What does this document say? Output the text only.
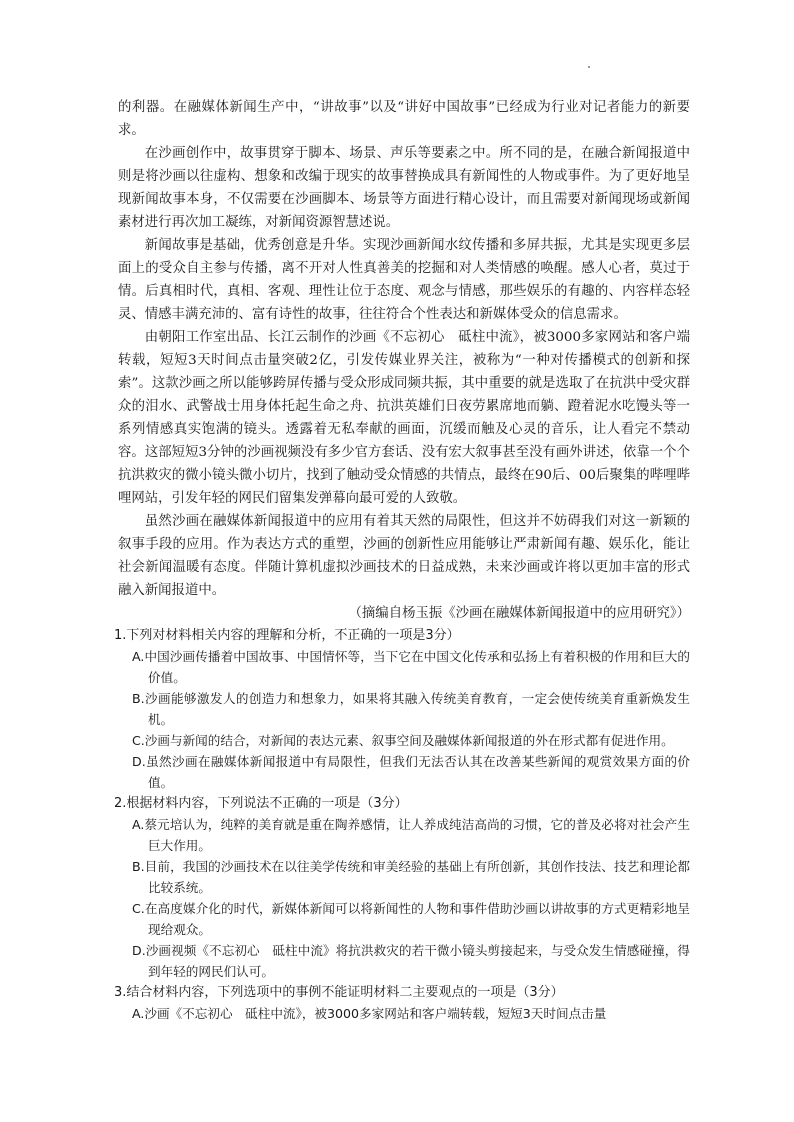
的利器。在融媒体新闻生产中，“讲故事”以及“讲好中国故事”已经成为行业对记者能力的新要求。

在沙画创作中，故事贯穿于脚本、场景、声乐等要素之中。所不同的是，在融合新闻报道中则是将沙画以往虚构、想象和改编于现实的故事替换成具有新闻性的人物或事件。为了更好地呈现新闻故事本身，不仅需要在沙画脚本、场景等方面进行精心设计，而且需要对新闻现场或新闻素材进行再次加工凝练，对新闻资源智慧述说。

新闻故事是基础，优秀创意是升华。实现沙画新闻水纹传播和多屏共振，尤其是实现更多层面上的受众自主参与传播，离不开对人性真善美的挖掘和对人类情感的唤醒。感人心者，莫过于情。后真相时代，真相、客观、理性让位于态度、观念与情感，那些娱乐的有趣的、内容样态轻灵、情感丰满充沛的、富有诗性的故事，往往符合个性表达和新媒体受众的信息需求。

由朝阳工作室出品、长江云制作的沙画《不忘初心　砥柱中流》，被3000多家网站和客户端转载，短短3天时间点击量突破2亿，引发传媒业界关注，被称为“一种对传播模式的创新和探索”。这款沙画之所以能够跨屏传播与受众形成同频共振，其中重要的就是选取了在抗洪中受灾群众的泪水、武警战士用身体托起生命之舟、抗洪英雄们日夜劳累席地而躺、蹬着泥水吃馒头等一系列情感真实饱满的镜头。透露着无私奉献的画面，沉缓而触及心灵的音乐，让人看完不禁动容。这部短短3分钟的沙画视频没有多少官方套话、没有宏大叙事甚至没有画外讲述，依靠一个个抗洪救灾的微小镜头微小切片，找到了触动受众情感的共情点，最终在90后、00后聚集的哔哩哔哩网站，引发年轻的网民们留集发弹幕向最可爱的人致敬。

虽然沙画在融媒体新闻报道中的应用有着其天然的局限性，但这并不妨碍我们对这一新颖的叙事手段的应用。作为表达方式的重塑，沙画的创新性应用能够让严肃新闻有趣、娱乐化，能让社会新闻温暖有态度。伴随计算机虚拟沙画技术的日益成熟，未来沙画或许将以更加丰富的形式融入新闻报道中。

（摘编自杨玉振《沙画在融媒体新闻报道中的应用研究》）

1.下列对材料相关内容的理解和分析，不正确的一项是3分）

A.中国沙画传播着中国故事、中国情怀等，当下它在中国文化传承和弘扬上有着积极的作用和巨大的价值。

B.沙画能够激发人的创造力和想象力，如果将其融入传统美育教育，一定会使传统美育重新焕发生机。

C.沙画与新闻的结合，对新闻的表达元素、叙事空间及融媒体新闻报道的外在形式都有促进作用。

D.虽然沙画在融媒体新闻报道中有局限性，但我们无法否认其在改善某些新闻的观赏效果方面的价值。

2.根据材料内容，下列说法不正确的一项是（3分）

A.蔡元培认为，纯粹的美育就是重在陶养感情，让人养成纯洁高尚的习惯，它的普及必将对社会产生巨大作用。

B.目前，我国的沙画技术在以往美学传统和审美经验的基础上有所创新，其创作技法、技艺和理论都比较系统。

C.在高度媒介化的时代，新媒体新闻可以将新闻性的人物和事件借助沙画以讲故事的方式更精彩地呈现给观众。

D.沙画视频《不忘初心　砥柱中流》将抗洪救灾的若干微小镜头剪接起来，与受众发生情感碰撞，得到年轻的网民们认可。

3.结合材料内容，下列选项中的事例不能证明材料二主要观点的一项是（3分）

A.沙画《不忘初心　砥柱中流》，被3000多家网站和客户端转载，短短3天时间点击量
